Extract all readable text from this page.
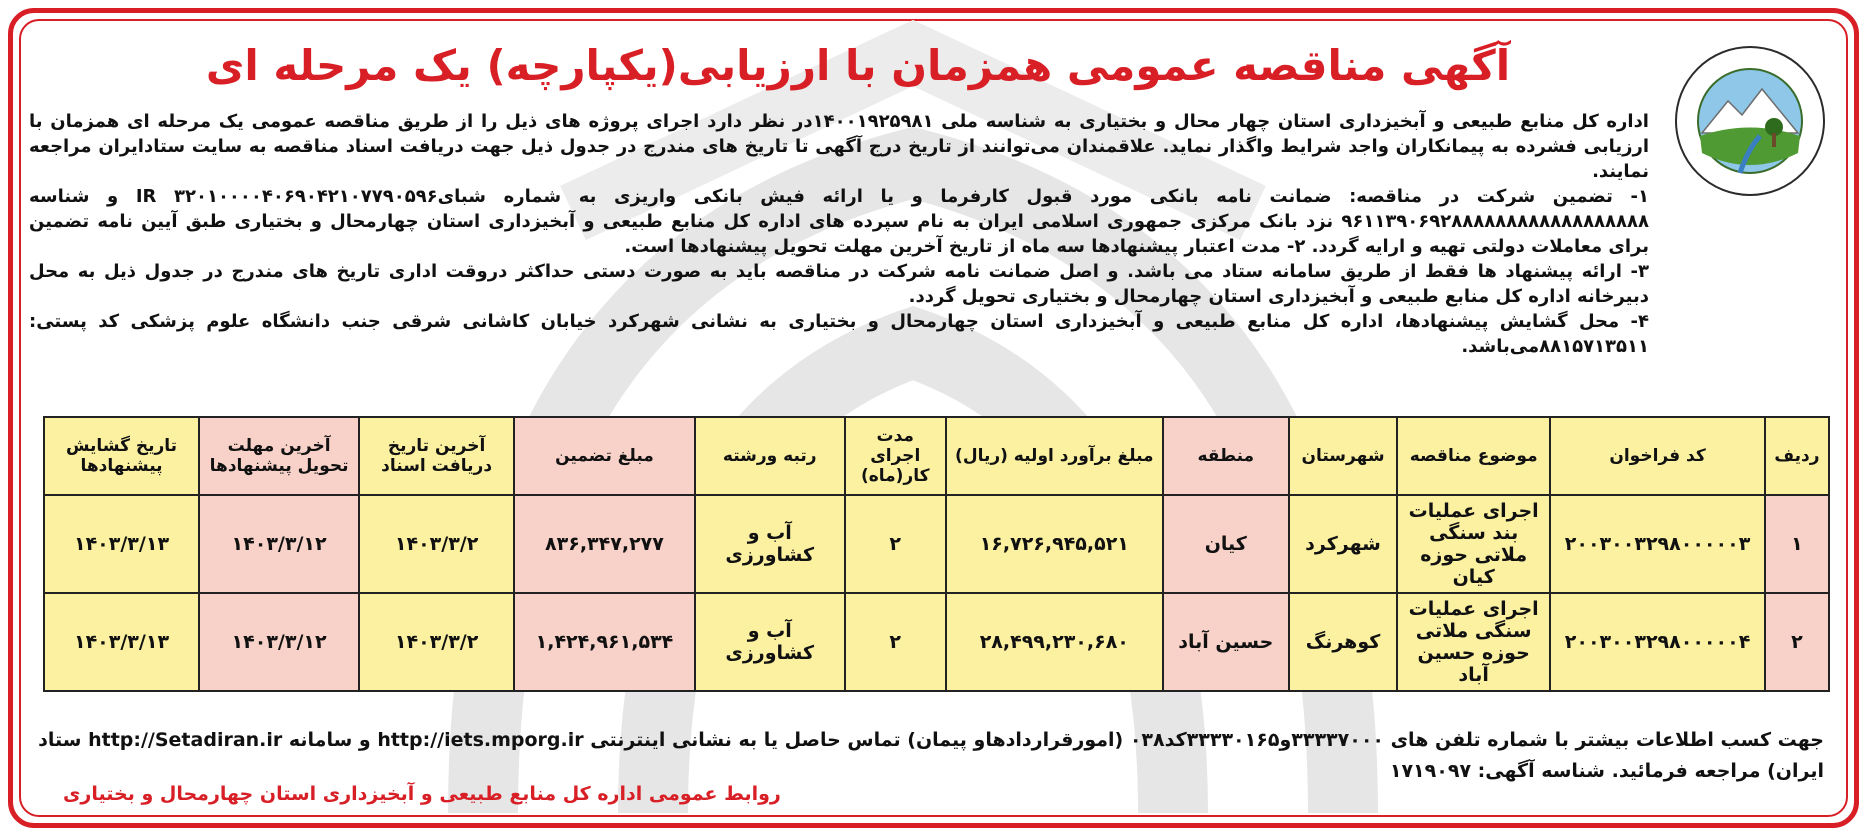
آگهی مناقصه عمومی همزمان با ارزیابی(یکپارچه) یک مرحله ای

اداره کل منابع طبیعی و آبخیزداری استان چهار محال و بختیاری به شناسه ملی ۱۴۰۰۱۹۲۵۹۸۱در نظر دارد اجرای پروژه های ذیل را از طریق مناقصه عمومی یک مرحله ای همزمان با ارزیابی فشرده به پیمانکاران واجد شرایط واگذار نماید. علاقمندان می‌توانند از تاریخ درج آگهی تا تاریخ های مندرج در جدول ذیل جهت دریافت اسناد مناقصه به سایت ستادایران مراجعه نمایند.

۱- تضمین شرکت در مناقصه: ضمانت نامه بانکی مورد قبول کارفرما و یا ارائه فیش بانکی واریزی به شماره شبای۳۲۰۱۰۰۰۰۴۰۶۹۰۴۲۱۰۷۷۹۰۵۹۶ IR و شناسه ۹۶۱۱۳۹۰۶۹۲۸۸۸۸۸۸۸۸۸۸۸۸۸۸۸۸۸۸ نزد بانک مرکزی جمهوری اسلامی ایران به نام سپرده های اداره کل منابع طبیعی و آبخیزداری استان چهارمحال و بختیاری طبق آیین نامه تضمین برای معاملات دولتی تهیه و ارایه گردد. ۲- مدت اعتبار پیشنهادها سه ماه از تاریخ آخرین مهلت تحویل پیشنهادها است.

۳- ارائه پیشنهاد ها فقط از طریق سامانه ستاد می باشد. و اصل ضمانت نامه شرکت در مناقصه باید به صورت دستی حداکثر دروقت اداری تاریخ های مندرج در جدول ذیل به محل دبیرخانه اداره کل منابع طبیعی و آبخیزداری استان چهارمحال و بختیاری تحویل گردد.

۴- محل گشایش پیشنهادها، اداره کل منابع طبیعی و آبخیزداری استان چهارمحال و بختیاری به نشانی شهرکرد خیابان کاشانی شرقی جنب دانشگاه علوم پزشکی کد پستی: ۸۸۱۵۷۱۳۵۱۱می‌باشد.

ردیف	کد فراخوان	موضوع مناقصه	شهرستان	منطقه	مبلغ برآورد اولیه (ریال)	مدت اجرای کار(ماه)	رتبه ورشته	مبلغ تضمین	آخرین تاریخ دریافت اسناد	آخرین مهلت تحویل پیشنهادها	تاریخ گشایش پیشنهادها
۱	۲۰۰۳۰۰۳۲۹۸۰۰۰۰۰۳	اجرای عملیات بند سنگی ملاتی حوزه کیان	شهرکرد	کیان	۱۶,۷۲۶,۹۴۵,۵۲۱	۲	آب و کشاورزی	۸۳۶,۳۴۷,۲۷۷	۱۴۰۳/۳/۲	۱۴۰۳/۳/۱۲	۱۴۰۳/۳/۱۳
۲	۲۰۰۳۰۰۳۲۹۸۰۰۰۰۰۴	اجرای عملیات سنگی ملاتی حوزه حسین آباد	کوهرنگ	حسین آباد	۲۸,۴۹۹,۲۳۰,۶۸۰	۲	آب و کشاورزی	۱,۴۲۴,۹۶۱,۵۳۴	۱۴۰۳/۳/۲	۱۴۰۳/۳/۱۲	۱۴۰۳/۳/۱۳
جهت کسب اطلاعات بیشتر با شماره تلفن های ۳۳۳۳۷۰۰۰و۳۳۳۳۰۱۶۵کد۰۳۸ (امورقراردادهاو پیمان) تماس حاصل یا به نشانی اینترنتی http://iets.mporg.ir و سامانه http://Setadiran.ir ستاد ایران) مراجعه فرمائید. شناسه آگهی: ۱۷۱۹۰۹۷
روابط عمومی اداره کل منابع طبیعی و آبخیزداری استان چهارمحال و بختیاری
